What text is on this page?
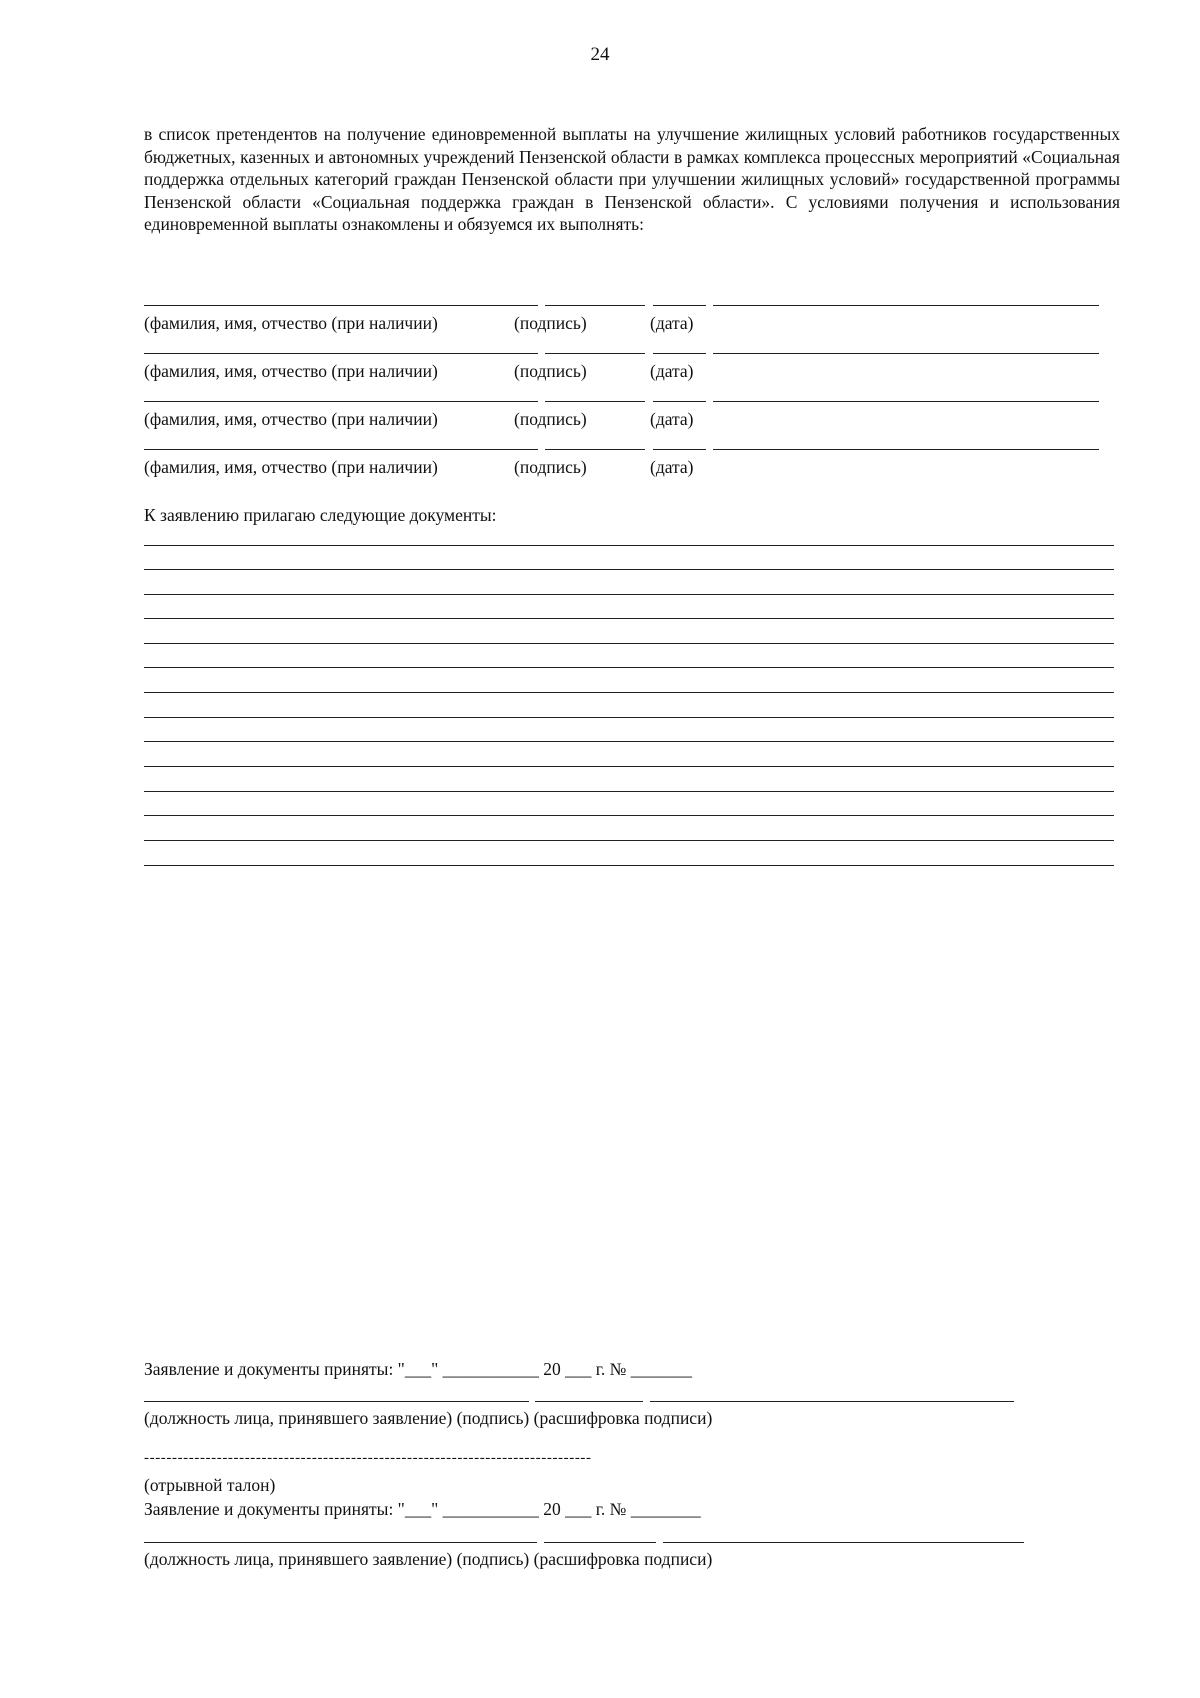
24
в список претендентов на получение единовременной выплаты на улучшение жилищных условий работников государственных бюджетных, казенных и автономных учреждений Пензенской области в рамках комплекса процессных мероприятий «Социальная поддержка отдельных категорий граждан Пензенской области при улучшении жилищных условий» государственной программы Пензенской области «Социальная поддержка граждан в Пензенской области». С условиями получения и использования единовременной выплаты ознакомлены и обязуемся их выполнять:
(фамилия, имя, отчество (при наличии)	(подпись)	(дата)
(фамилия, имя, отчество (при наличии)	(подпись)	(дата)
(фамилия, имя, отчество (при наличии)	(подпись)	(дата)
(фамилия, имя, отчество (при наличии)	(подпись)	(дата)
К заявлению прилагаю следующие документы:
Заявление и документы приняты: "___" ___________ 20 ___ г. № _______
(должность лица, принявшего заявление) (подпись) (расшифровка подписи)
--------------------------------------------------------------------------------
(отрывной талон)
Заявление и документы приняты: "___" ___________ 20 ___ г. № ________
(должность лица, принявшего заявление) (подпись) (расшифровка подписи)
